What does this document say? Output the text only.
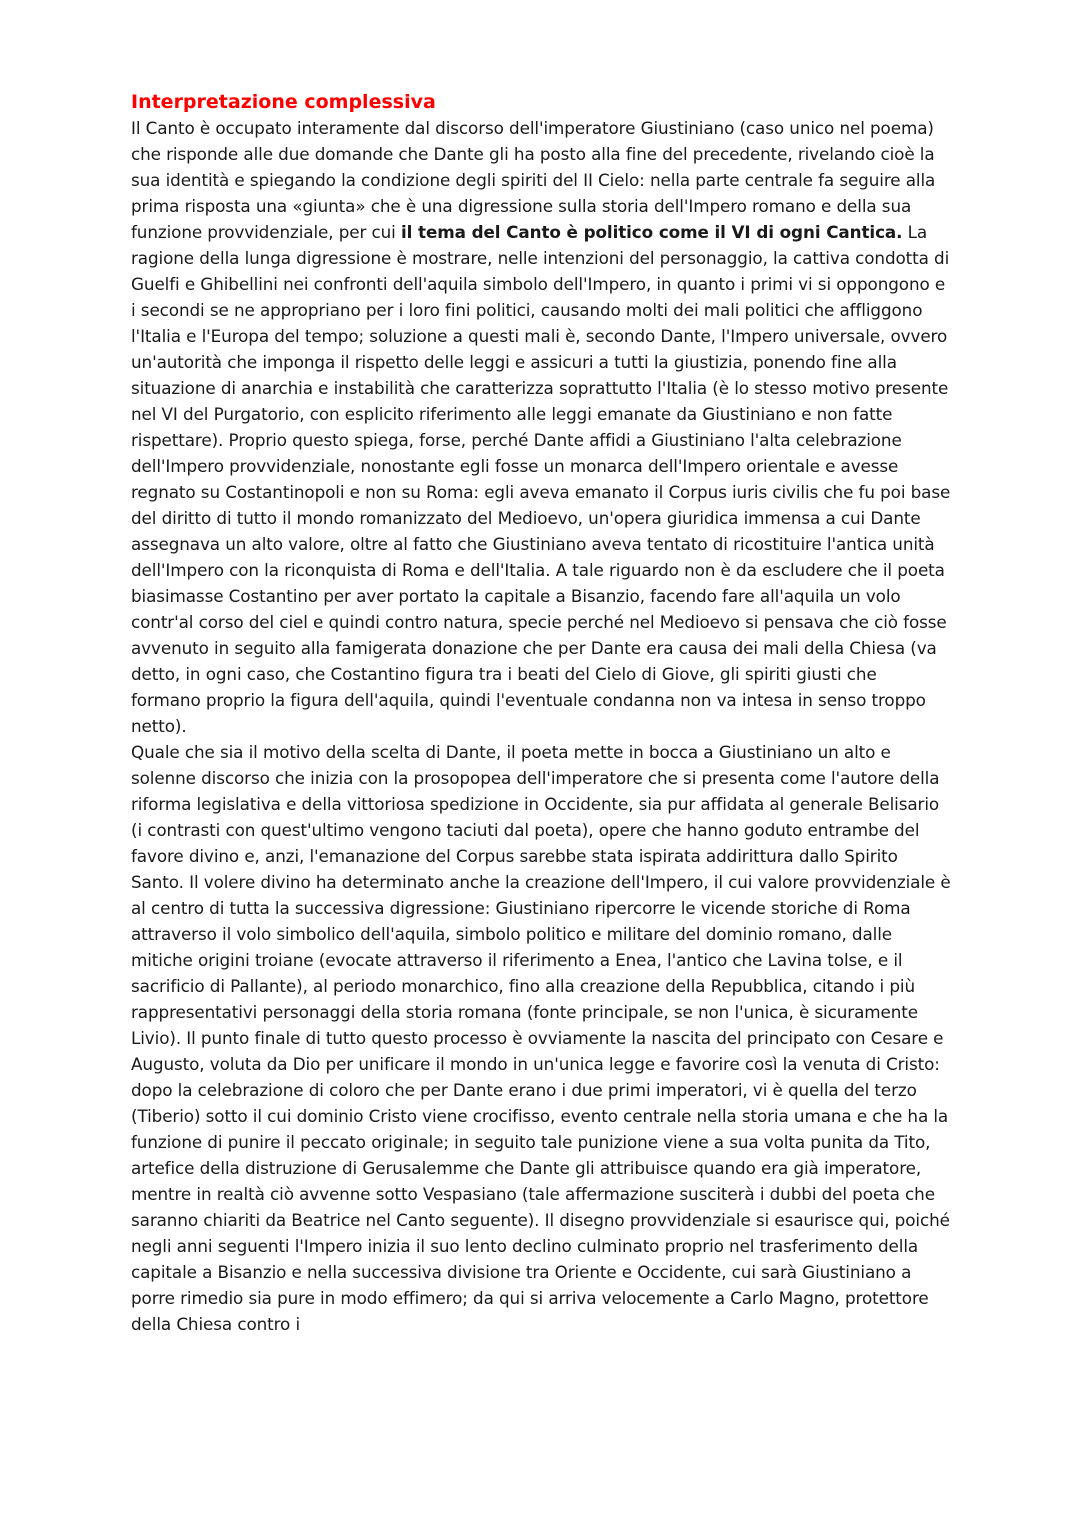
Interpretazione complessiva

Il Canto è occupato interamente dal discorso dell'imperatore Giustiniano (caso unico nel poema) che risponde alle due domande che Dante gli ha posto alla fine del precedente, rivelando cioè la sua identità e spiegando la condizione degli spiriti del II Cielo: nella parte centrale fa seguire alla prima risposta una «giunta» che è una digressione sulla storia dell'Impero romano e della sua funzione provvidenziale, per cui il tema del Canto è politico come il VI di ogni Cantica. La ragione della lunga digressione è mostrare, nelle intenzioni del personaggio, la cattiva condotta di Guelfi e Ghibellini nei confronti dell'aquila simbolo dell'Impero, in quanto i primi vi si oppongono e i secondi se ne appropriano per i loro fini politici, causando molti dei mali politici che affliggono l'Italia e l'Europa del tempo; soluzione a questi mali è, secondo Dante, l'Impero universale, ovvero un'autorità che imponga il rispetto delle leggi e assicuri a tutti la giustizia, ponendo fine alla situazione di anarchia e instabilità che caratterizza soprattutto l'Italia (è lo stesso motivo presente nel VI del Purgatorio, con esplicito riferimento alle leggi emanate da Giustiniano e non fatte rispettare). Proprio questo spiega, forse, perché Dante affidi a Giustiniano l'alta celebrazione dell'Impero provvidenziale, nonostante egli fosse un monarca dell'Impero orientale e avesse regnato su Costantinopoli e non su Roma: egli aveva emanato il Corpus iuris civilis che fu poi base del diritto di tutto il mondo romanizzato del Medioevo, un'opera giuridica immensa a cui Dante assegnava un alto valore, oltre al fatto che Giustiniano aveva tentato di ricostituire l'antica unità dell'Impero con la riconquista di Roma e dell'Italia. A tale riguardo non è da escludere che il poeta biasimasse Costantino per aver portato la capitale a Bisanzio, facendo fare all'aquila un volo contr'al corso del ciel e quindi contro natura, specie perché nel Medioevo si pensava che ciò fosse avvenuto in seguito alla famigerata donazione che per Dante era causa dei mali della Chiesa (va detto, in ogni caso, che Costantino figura tra i beati del Cielo di Giove, gli spiriti giusti che formano proprio la figura dell'aquila, quindi l'eventuale condanna non va intesa in senso troppo netto).

Quale che sia il motivo della scelta di Dante, il poeta mette in bocca a Giustiniano un alto e solenne discorso che inizia con la prosopopea dell'imperatore che si presenta come l'autore della riforma legislativa e della vittoriosa spedizione in Occidente, sia pur affidata al generale Belisario (i contrasti con quest'ultimo vengono taciuti dal poeta), opere che hanno goduto entrambe del favore divino e, anzi, l'emanazione del Corpus sarebbe stata ispirata addirittura dallo Spirito Santo. Il volere divino ha determinato anche la creazione dell'Impero, il cui valore provvidenziale è al centro di tutta la successiva digressione: Giustiniano ripercorre le vicende storiche di Roma attraverso il volo simbolico dell'aquila, simbolo politico e militare del dominio romano, dalle mitiche origini troiane (evocate attraverso il riferimento a Enea, l'antico che Lavina tolse, e il sacrificio di Pallante), al periodo monarchico, fino alla creazione della Repubblica, citando i più rappresentativi personaggi della storia romana (fonte principale, se non l'unica, è sicuramente Livio). Il punto finale di tutto questo processo è ovviamente la nascita del principato con Cesare e Augusto, voluta da Dio per unificare il mondo in un'unica legge e favorire così la venuta di Cristo: dopo la celebrazione di coloro che per Dante erano i due primi imperatori, vi è quella del terzo (Tiberio) sotto il cui dominio Cristo viene crocifisso, evento centrale nella storia umana e che ha la funzione di punire il peccato originale; in seguito tale punizione viene a sua volta punita da Tito, artefice della distruzione di Gerusalemme che Dante gli attribuisce quando era già imperatore, mentre in realtà ciò avvenne sotto Vespasiano (tale affermazione susciterà i dubbi del poeta che saranno chiariti da Beatrice nel Canto seguente). Il disegno provvidenziale si esaurisce qui, poiché negli anni seguenti l'Impero inizia il suo lento declino culminato proprio nel trasferimento della capitale a Bisanzio e nella successiva divisione tra Oriente e Occidente, cui sarà Giustiniano a porre rimedio sia pure in modo effimero; da qui si arriva velocemente a Carlo Magno, protettore della Chiesa contro i
